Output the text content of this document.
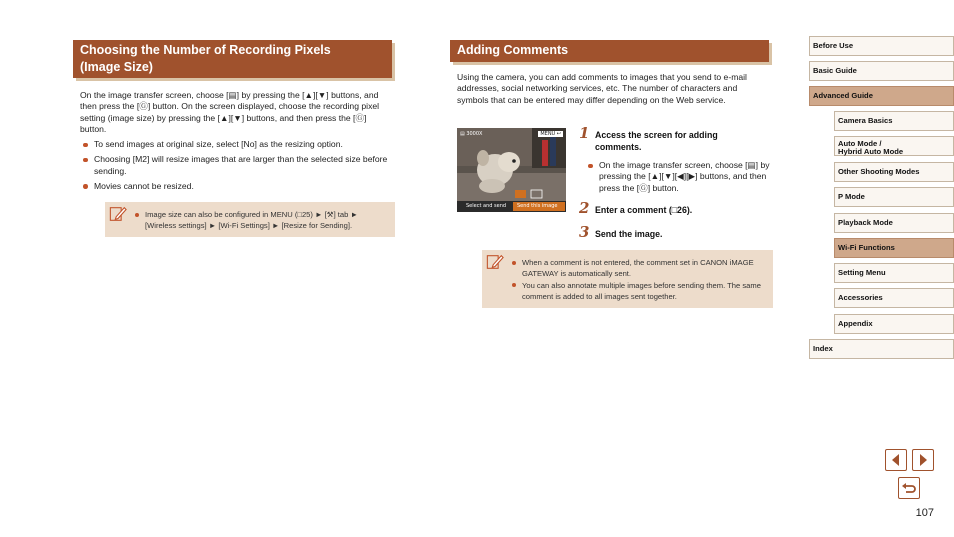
Choosing the Number of Recording Pixels
(Image Size)

On the image transfer screen, choose [▤] by pressing the [▲][▼] buttons, and then press the [Ⓖ] button. On the screen displayed, choose the recording pixel setting (image size) by pressing the [▲][▼] buttons, and then press the [Ⓖ] button.

To send images at original size, select [No] as the resizing option.
Choosing [M2] will resize images that are larger than the selected size before sending.
Movies cannot be resized.
Image size can also be configured in MENU (□25) ► [⚒] tab ► [Wireless settings] ► [Wi-Fi Settings] ► [Resize for Sending].
Adding Comments

Using the camera, you can add comments to images that you send to e-mail addresses, social networking services, etc. The number of characters and symbols that can be entered may differ depending on the Web service.

▤ 3000X	MENU ↩
Select and send Send this image
1 Access the screen for adding comments.
On the image transfer screen, choose [▤] by pressing the [▲][▼][◀][▶] buttons, and then press the [Ⓖ] button.
2 Enter a comment (□26).
3 Send the image.
When a comment is not entered, the comment set in CANON iMAGE GATEWAY is automatically sent.
You can also annotate multiple images before sending them. The same comment is added to all images sent together.
Before Use
Basic Guide
Advanced Guide
Camera Basics
Auto Mode /
Hybrid Auto Mode
Other Shooting Modes
P Mode
Playback Mode
Wi-Fi Functions
Setting Menu
Accessories
Appendix
Index
107
